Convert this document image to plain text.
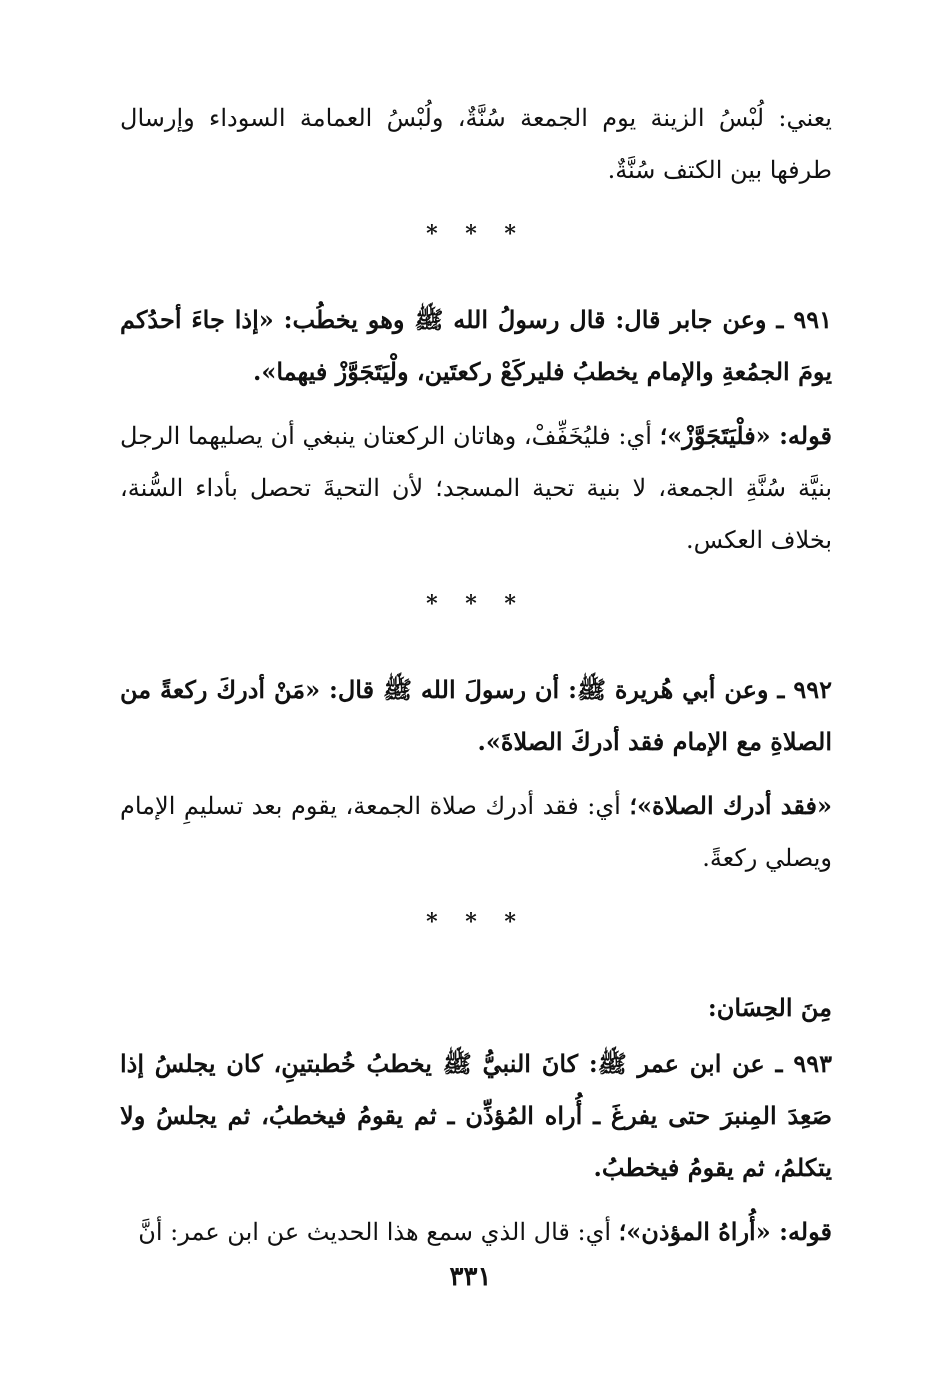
يعني: لُبْسُ الزينة يوم الجمعة سُنَّةٌ، ولُبْسُ العمامة السوداء وإرسال طرفها بين الكتف سُنَّةٌ.

* * *

٩٩١ ـ وعن جابر قال: قال رسولُ الله ﷺ وهو يخطُب: «إذا جاءَ أحدُكم يومَ الجمُعةِ والإمام يخطبُ فليركَعْ ركعتَين، ولْيَتَجَوَّزْ فيهما».

قوله: «فلْيَتَجَوَّزْ»؛ أي: فليُخَفِّفْ، وهاتان الركعتان ينبغي أن يصليهما الرجل بنيَّة سُنَّةِ الجمعة، لا بنية تحية المسجد؛ لأن التحيةَ تحصل بأداء السُّنة، بخلاف العكس.

* * *

٩٩٢ ـ وعن أبي هُريرة ﷺ: أن رسولَ الله ﷺ قال: «مَنْ أدركَ ركعةً من الصلاةِ مع الإمام فقد أدركَ الصلاةَ».

«فقد أدرك الصلاة»؛ أي: فقد أدرك صلاة الجمعة، يقوم بعد تسليمِ الإمام ويصلي ركعةً.

* * *
مِنَ الحِسَان:

٩٩٣ ـ عن ابن عمر ﷺ: كانَ النبيُّ ﷺ يخطبُ خُطبتينِ، كان يجلسُ إذا صَعِدَ المِنبرَ حتى يفرغَ ـ أُراه المُؤذِّن ـ ثم يقومُ فيخطبُ، ثم يجلسُ ولا يتكلمُ، ثم يقومُ فيخطبُ.

قوله: «أُراهُ المؤذن»؛ أي: قال الذي سمع هذا الحديث عن ابن عمر: أنَّ

٣٣١
